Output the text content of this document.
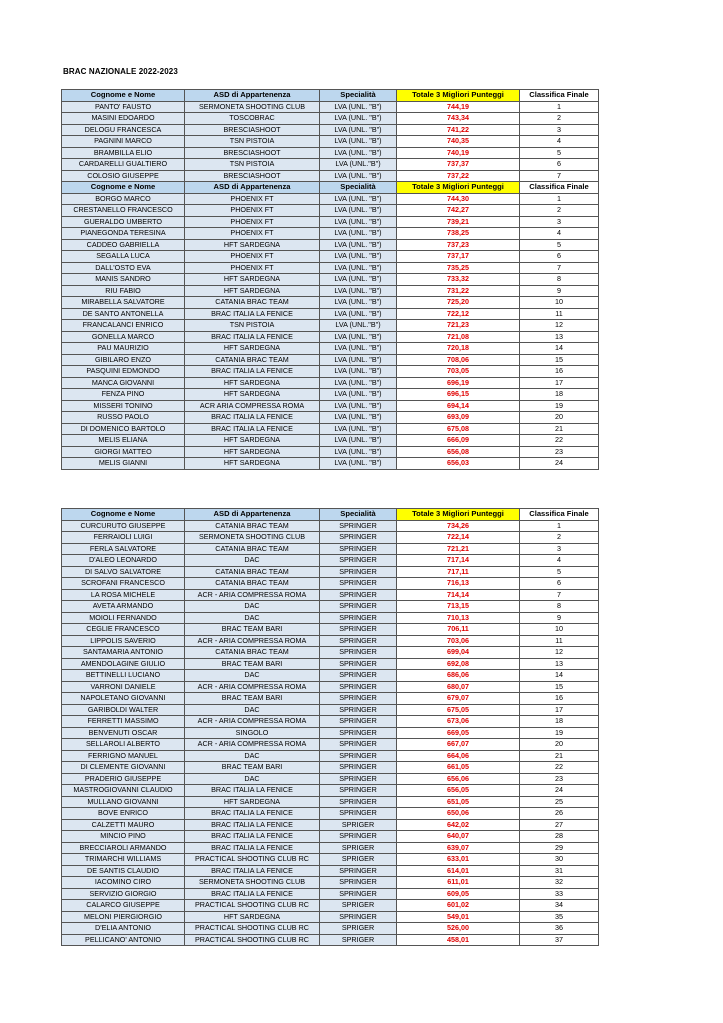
BRAC NAZIONALE 2022-2023
Cognome e Nome	ASD di Appartenenza	Specialità	Totale 3 Migliori Punteggi	Classifica Finale
PANTO' FAUSTO	SERMONETA SHOOTING CLUB	LVA (UNL. "B")	744,19	1
MASINI EDOARDO	TOSCOBRAC	LVA (UNL. "B")	743,34	2
DELOGU FRANCESCA	BRESCIASHOOT	LVA (UNL. "B")	741,22	3
PAGNINI MARCO	TSN PISTOIA	LVA (UNL. "B")	740,35	4
BRAMBILLA ELIO	BRESCIASHOOT	LVA (UNL. "B")	740,19	5
CARDARELLI GUALTIERO	TSN PISTOIA	LVA (UNL."B")	737,37	6
COLOSIO GIUSEPPE	BRESCIASHOOT	LVA (UNL. "B")	737,22	7
Cognome e Nome	ASD di Appartenenza	Specialità	Totale 3 Migliori Punteggi	Classifica Finale
BORGO MARCO	PHOENIX FT	LVA (UNL. "B")	744,30	1
CRESTANELLO FRANCESCO	PHOENIX FT	LVA (UNL. "B")	742,27	2
GUERALDO UMBERTO	PHOENIX FT	LVA (UNL. "B")	739,21	3
PIANEGONDA TERESINA	PHOENIX FT	LVA (UNL. "B")	738,25	4
CADDEO GABRIELLA	HFT SARDEGNA	LVA (UNL. "B")	737,23	5
SEGALLA LUCA	PHOENIX FT	LVA (UNL. "B")	737,17	6
DALL'OSTO EVA	PHOENIX FT	LVA (UNL. "B")	735,25	7
MANIS SANDRO	HFT SARDEGNA	LVA (UNL. "B")	733,32	8
RIU FABIO	HFT SARDEGNA	LVA (UNL. "B")	731,22	9
MIRABELLA SALVATORE	CATANIA BRAC TEAM	LVA (UNL. "B")	725,20	10
DE SANTO ANTONELLA	BRAC ITALIA LA FENICE	LVA (UNL. "B")	722,12	11
FRANCALANCI ENRICO	TSN PISTOIA	LVA (UNL."B")	721,23	12
GONELLA MARCO	BRAC ITALIA LA FENICE	LVA (UNL. "B")	721,08	13
PAU MAURIZIO	HFT SARDEGNA	LVA (UNL. "B")	720,18	14
GIBILARO ENZO	CATANIA BRAC TEAM	LVA (UNL. "B")	708,06	15
PASQUINI EDMONDO	BRAC ITALIA LA FENICE	LVA (UNL. "B")	703,05	16
MANCA GIOVANNI	HFT SARDEGNA	LVA (UNL. "B")	696,19	17
FENZA PINO	HFT SARDEGNA	LVA (UNL. "B")	696,15	18
MISSERI TONINO	ACR ARIA COMPRESSA ROMA	LVA (UNL. "B")	694,14	19
RUSSO PAOLO	BRAC ITALIA LA FENICE	LVA (UNL. "B")	693,09	20
DI DOMENICO BARTOLO	BRAC ITALIA LA FENICE	LVA (UNL. "B")	675,08	21
MELIS ELIANA	HFT SARDEGNA	LVA (UNL. "B")	666,09	22
GIORGI MATTEO	HFT SARDEGNA	LVA (UNL. "B")	656,08	23
MELIS GIANNI	HFT SARDEGNA	LVA (UNL. "B")	656,03	24
Cognome e Nome	ASD di Appartenenza	Specialità	Totale 3 Migliori Punteggi	Classifica Finale
CURCURUTO GIUSEPPE	CATANIA BRAC TEAM	SPRINGER	734,26	1
FERRAIOLI LUIGI	SERMONETA SHOOTING CLUB	SPRINGER	722,14	2
FERLA SALVATORE	CATANIA BRAC TEAM	SPRINGER	721,21	3
D'ALEO LEONARDO	DAC	SPRINGER	717,14	4
DI SALVO SALVATORE	CATANIA BRAC TEAM	SPRINGER	717,11	5
SCROFANI FRANCESCO	CATANIA BRAC TEAM	SPRINGER	716,13	6
LA ROSA MICHELE	ACR - ARIA COMPRESSA ROMA	SPRINGER	714,14	7
AVETA ARMANDO	DAC	SPRINGER	713,15	8
MOIOLI FERNANDO	DAC	SPRINGER	710,13	9
CEGLIE FRANCESCO	BRAC TEAM BARI	SPRINGER	706,11	10
LIPPOLIS SAVERIO	ACR - ARIA COMPRESSA ROMA	SPRINGER	703,06	11
SANTAMARIA ANTONIO	CATANIA BRAC TEAM	SPRINGER	699,04	12
AMENDOLAGINE GIULIO	BRAC TEAM BARI	SPRINGER	692,08	13
BETTINELLI LUCIANO	DAC	SPRINGER	686,06	14
VARRONI DANIELE	ACR - ARIA COMPRESSA ROMA	SPRINGER	680,07	15
NAPOLETANO GIOVANNI	BRAC TEAM BARI	SPRINGER	679,07	16
GARIBOLDI WALTER	DAC	SPRINGER	675,05	17
FERRETTI MASSIMO	ACR - ARIA COMPRESSA ROMA	SPRINGER	673,06	18
BENVENUTI OSCAR	SINGOLO	SPRINGER	669,05	19
SELLAROLI ALBERTO	ACR - ARIA COMPRESSA ROMA	SPRINGER	667,07	20
FERRIGNO MANUEL	DAC	SPRINGER	664,06	21
DI CLEMENTE GIOVANNI	BRAC TEAM BARI	SPRINGER	661,05	22
PRADERIO GIUSEPPE	DAC	SPRINGER	656,06	23
MASTROGIOVANNI CLAUDIO	BRAC ITALIA LA FENICE	SPRINGER	656,05	24
MULLANO GIOVANNI	HFT SARDEGNA	SPRINGER	651,05	25
BOVE ENRICO	BRAC ITALIA LA FENICE	SPRINGER	650,06	26
CALZETTI MAURO	BRAC ITALIA LA FENICE	SPRIGER	642,02	27
MINCIO PINO	BRAC ITALIA LA FENICE	SPRINGER	640,07	28
BRECCIAROLI ARMANDO	BRAC ITALIA LA FENICE	SPRIGER	639,07	29
TRIMARCHI WILLIAMS	PRACTICAL SHOOTING CLUB RC	SPRIGER	633,01	30
DE SANTIS CLAUDIO	BRAC ITALIA LA FENICE	SPRINGER	614,01	31
IACOMINO CIRO	SERMONETA SHOOTING CLUB	SPRINGER	611,01	32
SERVIZIO GIORGIO	BRAC ITALIA LA FENICE	SPRINGER	609,05	33
CALARCO GIUSEPPE	PRACTICAL SHOOTING CLUB RC	SPRIGER	601,02	34
MELONI PIERGIORGIO	HFT SARDEGNA	SPRINGER	549,01	35
D'ELIA ANTONIO	PRACTICAL SHOOTING CLUB RC	SPRIGER	526,00	36
PELLICANO' ANTONIO	PRACTICAL SHOOTING CLUB RC	SPRIGER	458,01	37
